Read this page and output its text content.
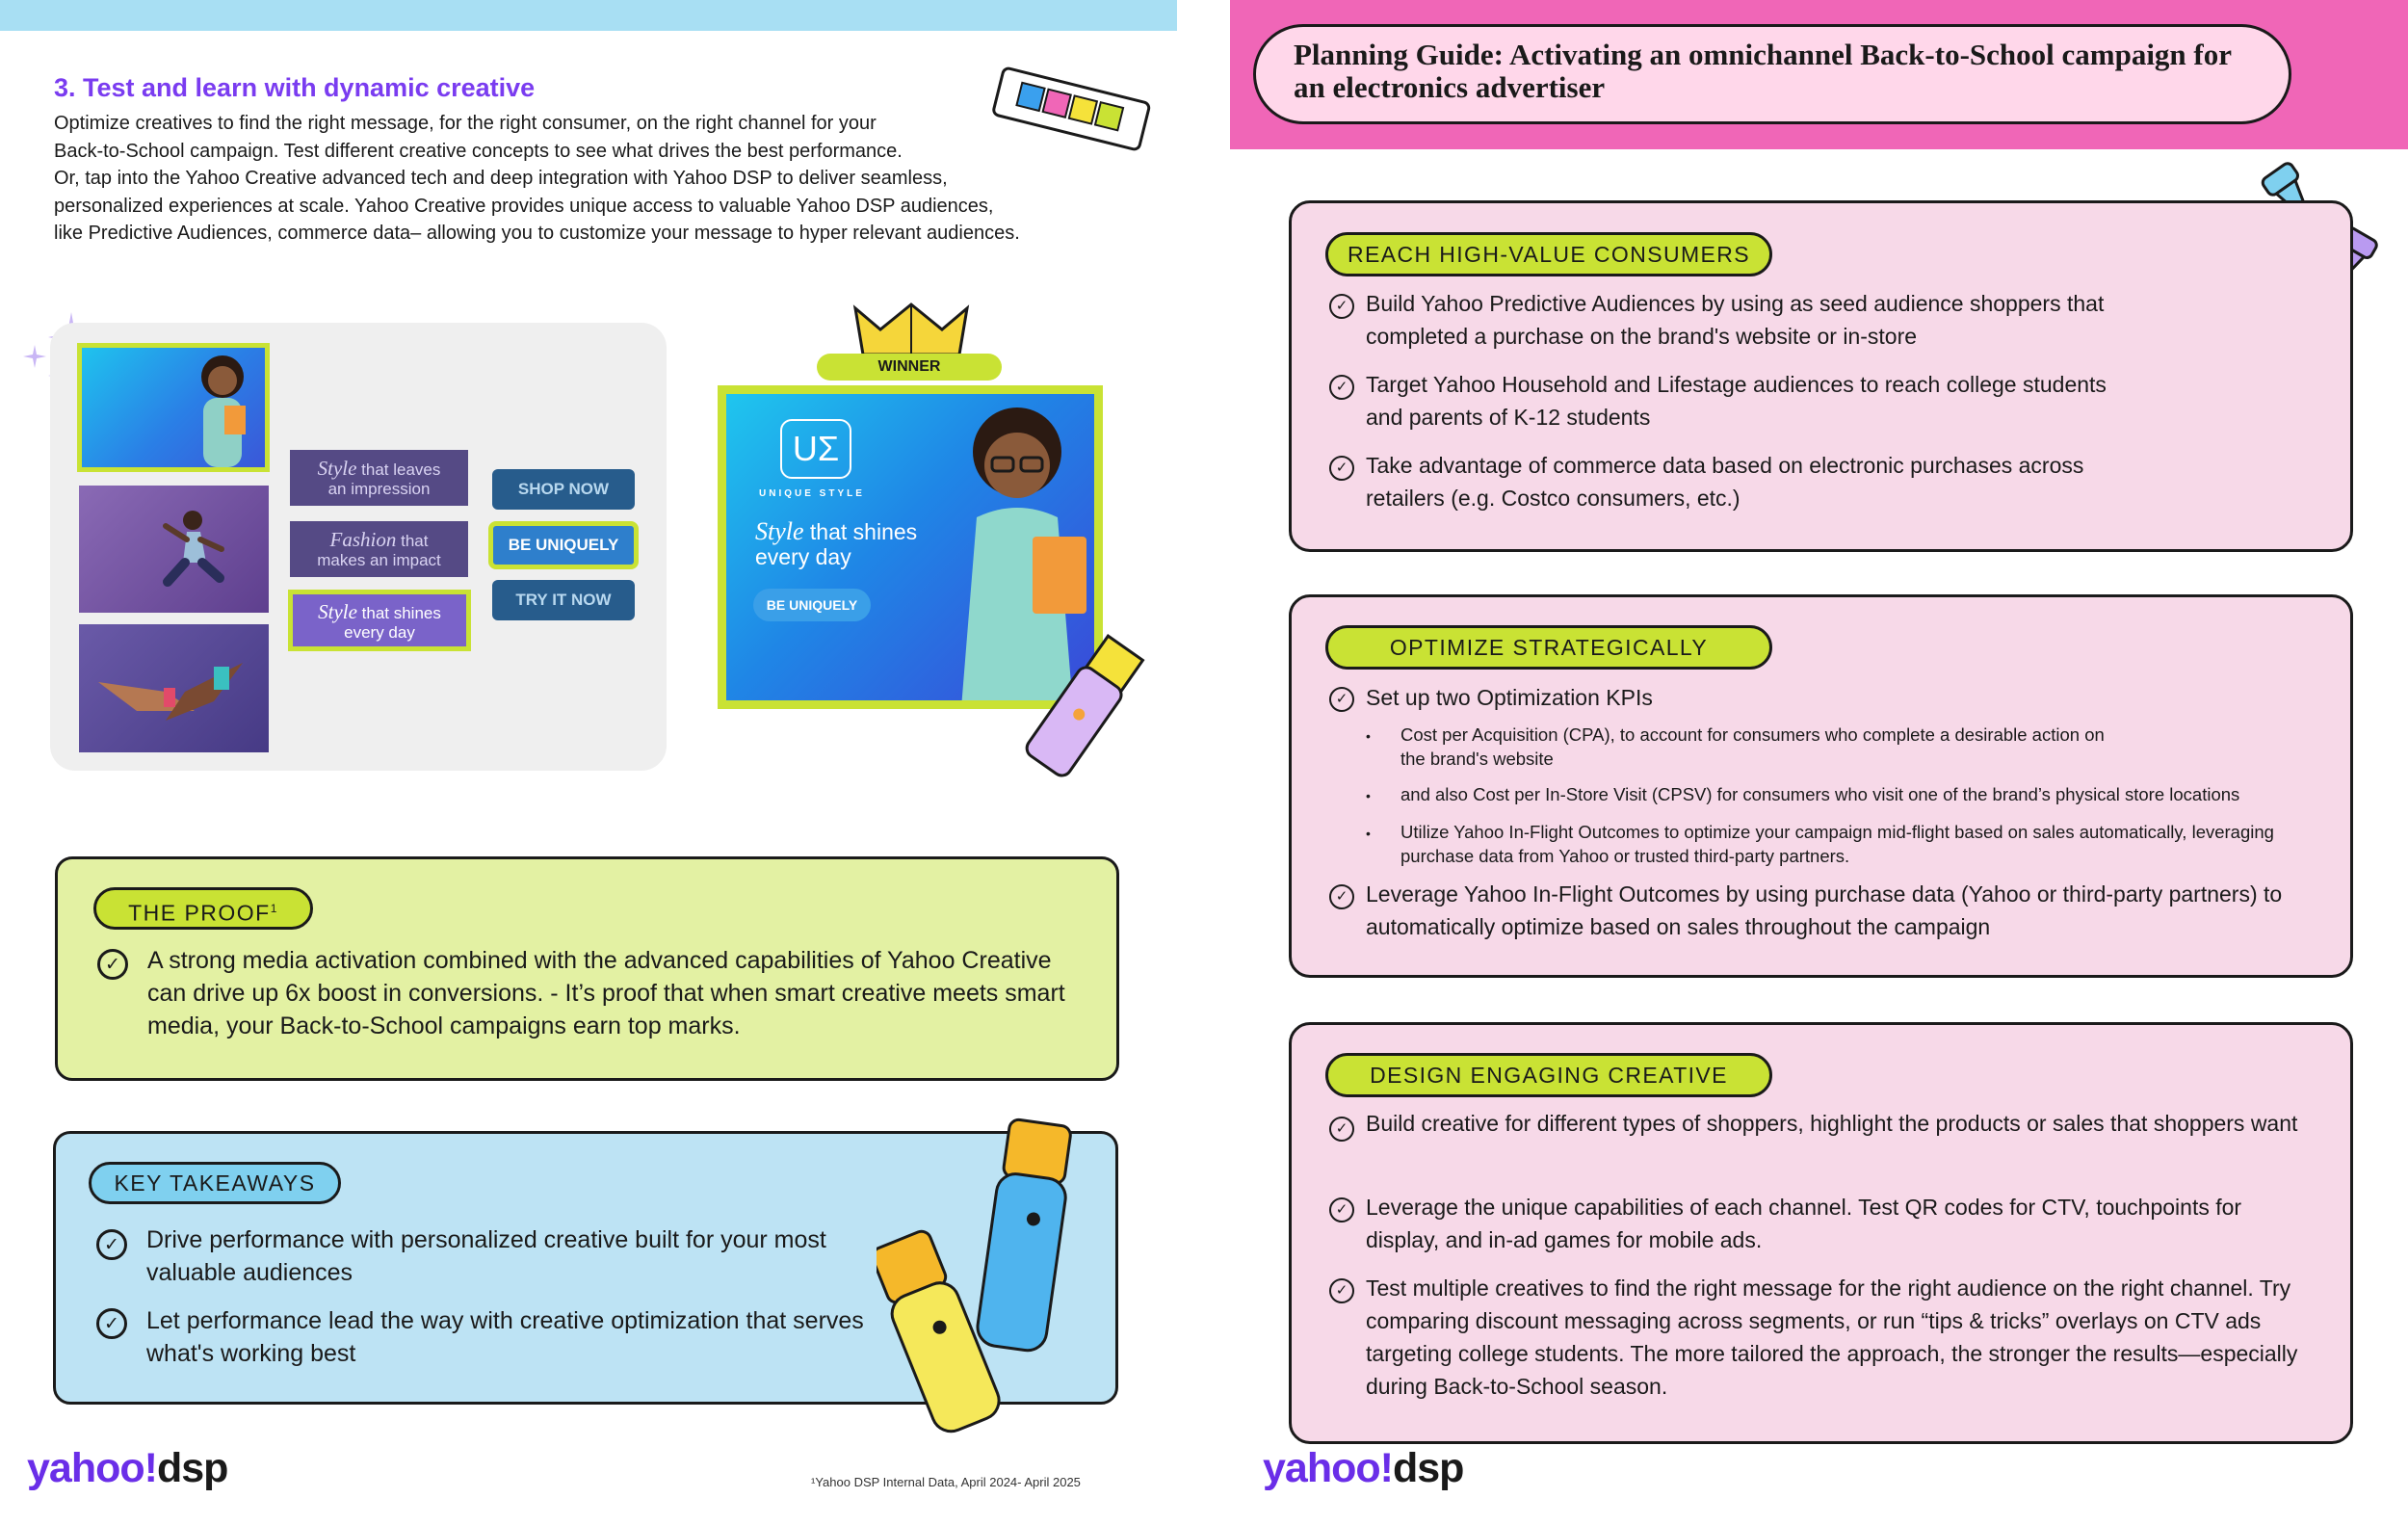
3. Test and learn with dynamic creative

Optimize creatives to find the right message, for the right consumer, on the right channel for your

Back-to-School campaign. Test different creative concepts to see what drives the best performance.

Or, tap into the Yahoo Creative advanced tech and deep integration with Yahoo DSP to deliver seamless,

personalized experiences at scale. Yahoo Creative provides unique access to valuable Yahoo DSP audiences,

like Predictive Audiences, commerce data– allowing you to customize your message to hyper relevant audiences.

Style that leaves
an impression
Fashion that
makes an impact
Style that shines
every day
SHOP NOW
BE UNIQUELY
TRY IT NOW
WINNER
UΣ
UNIQUE STYLE
Style that shines
every day
BE UNIQUELY
THE PROOF$^1$
✓	A strong media activation combined with the advanced capabilities of Yahoo Creative can drive up 6x boost in conversions. - It’s proof that when smart creative meets smart media, your Back-to-School campaigns earn top marks.
KEY TAKEAWAYS
✓	Drive performance with personalized creative built for your most valuable audiences
✓	Let performance lead the way with creative optimization that serves what's working best
yahoo!dsp	¹Yahoo DSP Internal Data, April 2024- April 2025
Planning Guide: Activating an omnichannel Back-to-School campaign for an electronics advertiser
REACH HIGH-VALUE CONSUMERS
✓ Build Yahoo Predictive Audiences by using as seed audience shoppers that completed a purchase on the brand's website or in-store
✓ Target Yahoo Household and Lifestage audiences to reach college students and parents of K-12 students
✓ Take advantage of commerce data based on electronic purchases across retailers (e.g. Costco consumers, etc.)
OPTIMIZE STRATEGICALLY
✓ Set up two Optimization KPIs
• Cost per Acquisition (CPA), to account for consumers who complete a desirable action on the brand's website
• and also Cost per In-Store Visit (CPSV) for consumers who visit one of the brand’s physical store locations
• Utilize Yahoo In-Flight Outcomes to optimize your campaign mid-flight based on sales automatically, leveraging purchase data from Yahoo or trusted third-party partners.
✓ Leverage Yahoo In-Flight Outcomes by using purchase data (Yahoo or third-party partners) to automatically optimize based on sales throughout the campaign
DESIGN ENGAGING CREATIVE
✓ Build creative for different types of shoppers, highlight the products or sales that shoppers want
✓ Leverage the unique capabilities of each channel. Test QR codes for CTV, touchpoints for display, and in-ad games for mobile ads.
✓ Test multiple creatives to find the right message for the right audience on the right channel. Try comparing discount messaging across segments, or run “tips & tricks” overlays on CTV ads targeting college students. The more tailored the approach, the stronger the results—especially during Back-to-School season.
yahoo!dsp
